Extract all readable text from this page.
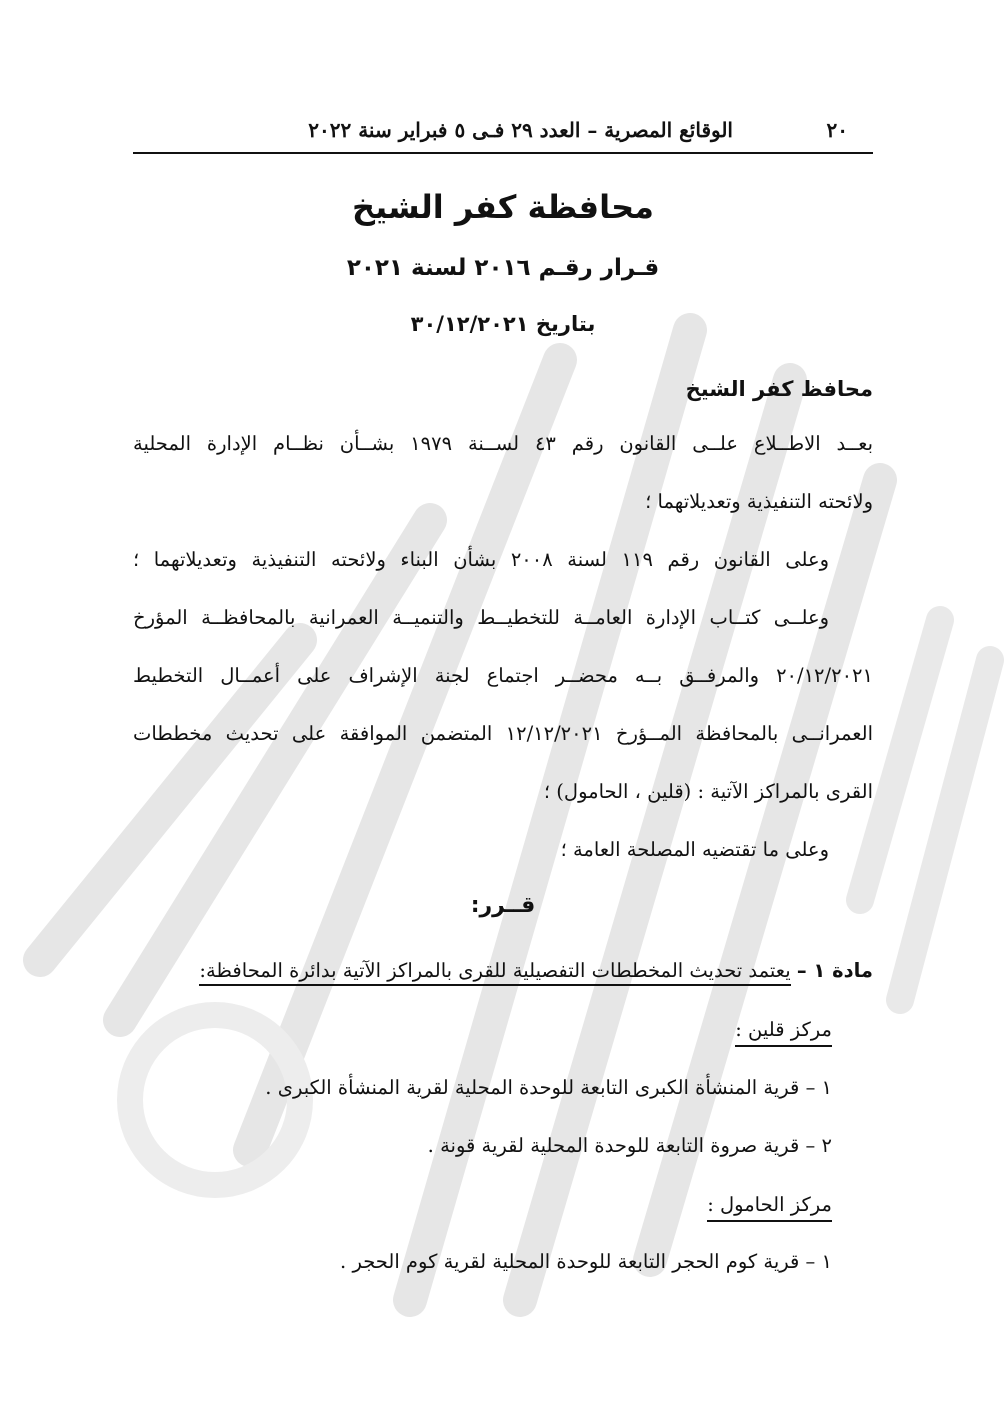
٢٠
الوقائع المصرية – العدد ٢٩ فـى ٥ فبراير سنة ٢٠٢٢
محافظة كفر الشيخ
قـرار رقـم ٢٠١٦ لسنة ٢٠٢١
بتاريخ ٣٠/١٢/٢٠٢١
محافظ كفر الشيخ
بعــد الاطــلاع علــى القانون رقم ٤٣ لســنة ١٩٧٩ بشــأن نظــام الإدارة المحلية
ولائحته التنفيذية وتعديلاتهما ؛
وعلى القانون رقم ١١٩ لسنة ٢٠٠٨ بشأن البناء ولائحته التنفيذية وتعديلاتهما ؛
وعلــى كتــاب الإدارة العامــة للتخطيــط والتنميــة العمرانية بالمحافظــة المؤرخ
٢٠/١٢/٢٠٢١ والمرفــق بــه محضــر اجتماع لجنة الإشراف على أعمــال التخطيط
العمرانــى بالمحافظة المــؤرخ ١٢/١٢/٢٠٢١ المتضمن الموافقة على تحديث مخططات
القرى بالمراكز الآتية : (قلين ، الحامول) ؛
وعلى ما تقتضيه المصلحة العامة ؛
قــرر:
مادة ١ – يعتمد تحديث المخططات التفصيلية للقرى بالمراكز الآتية بدائرة المحافظة:
مركز قلين :
١ – قرية المنشأة الكبرى التابعة للوحدة المحلية لقرية المنشأة الكبرى .
٢ – قرية صروة التابعة للوحدة المحلية لقرية قونة .
مركز الحامول :
١ – قرية كوم الحجر التابعة للوحدة المحلية لقرية كوم الحجر .
